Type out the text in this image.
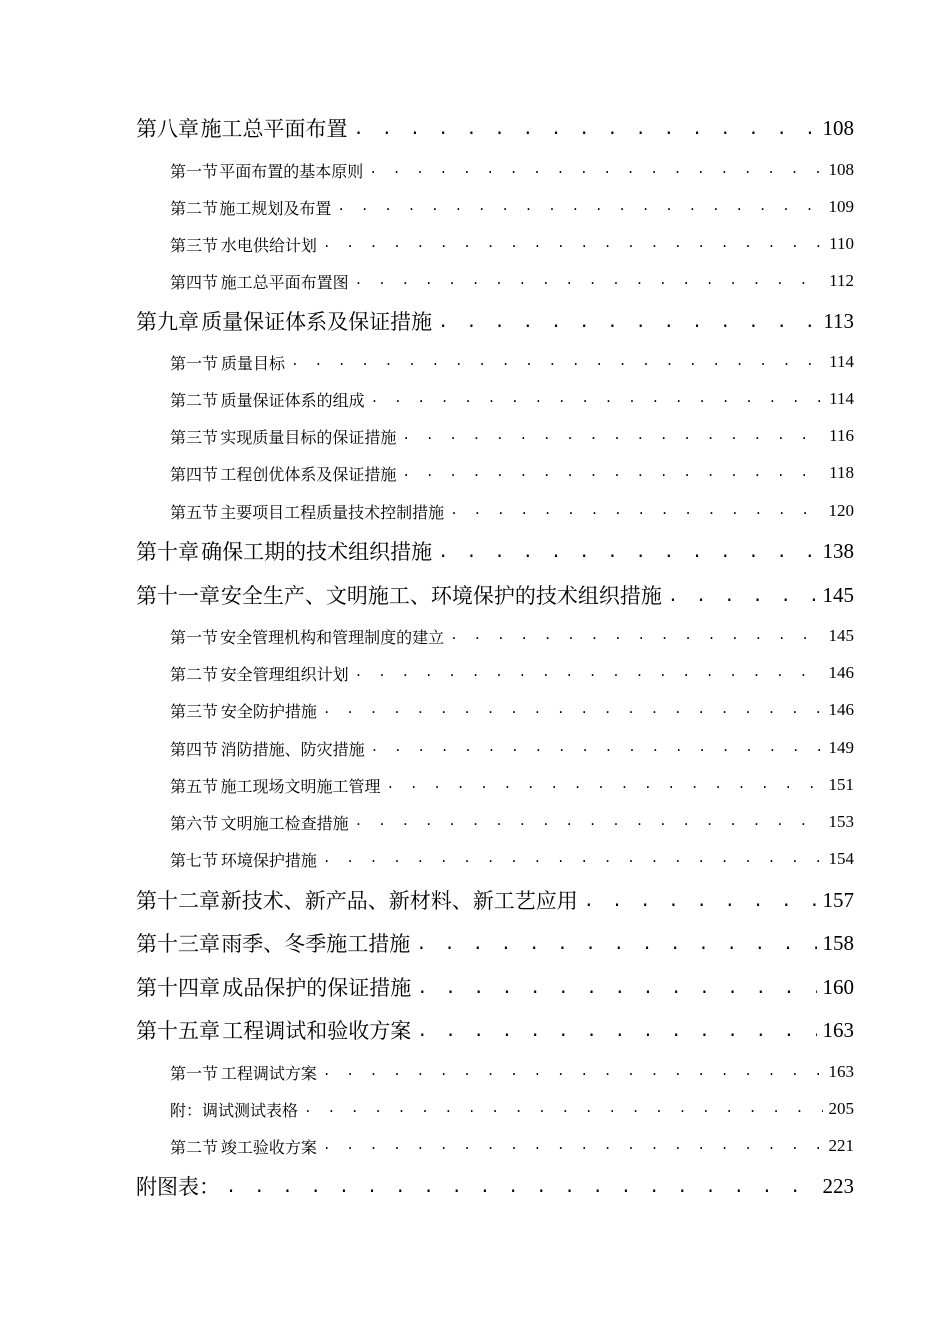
第八章 施工总平面布置 . . .	108
第一节 平面布置的基本原则 . . .	108
第二节 施工规划及布置 . . .	109
第三节 水电供给计划 . . .	110
第四节 施工总平面布置图 . . .	112
第九章 质量保证体系及保证措施 . . .	113
第一节 质量目标 . . .	114
第二节 质量保证体系的组成 . . .	114
第三节 实现质量目标的保证措施 . . .	116
第四节 工程创优体系及保证措施 . . .	118
第五节 主要项目工程质量技术控制措施 . . .	120
第十章 确保工期的技术组织措施 . . .	138
第十一章 安全生产、文明施工、环境保护的技术组织措施 . . .	145
第一节 安全管理机构和管理制度的建立 . . .	145
第二节 安全管理组织计划 . . .	146
第三节 安全防护措施 . . .	146
第四节 消防措施、防灾措施 . . .	149
第五节 施工现场文明施工管理 . . .	151
第六节 文明施工检查措施 . . .	153
第七节 环境保护措施 . . .	154
第十二章 新技术、新产品、新材料、新工艺应用 . . .	157
第十三章 雨季、冬季施工措施 . . .	158
第十四章 成品保护的保证措施 . . .	160
第十五章 工程调试和验收方案 . . .	163
第一节 工程调试方案 . . .	163
附： 调试测试表格 . . .	205
第二节 竣工验收方案 . . .	221
附图表： . . .	223
